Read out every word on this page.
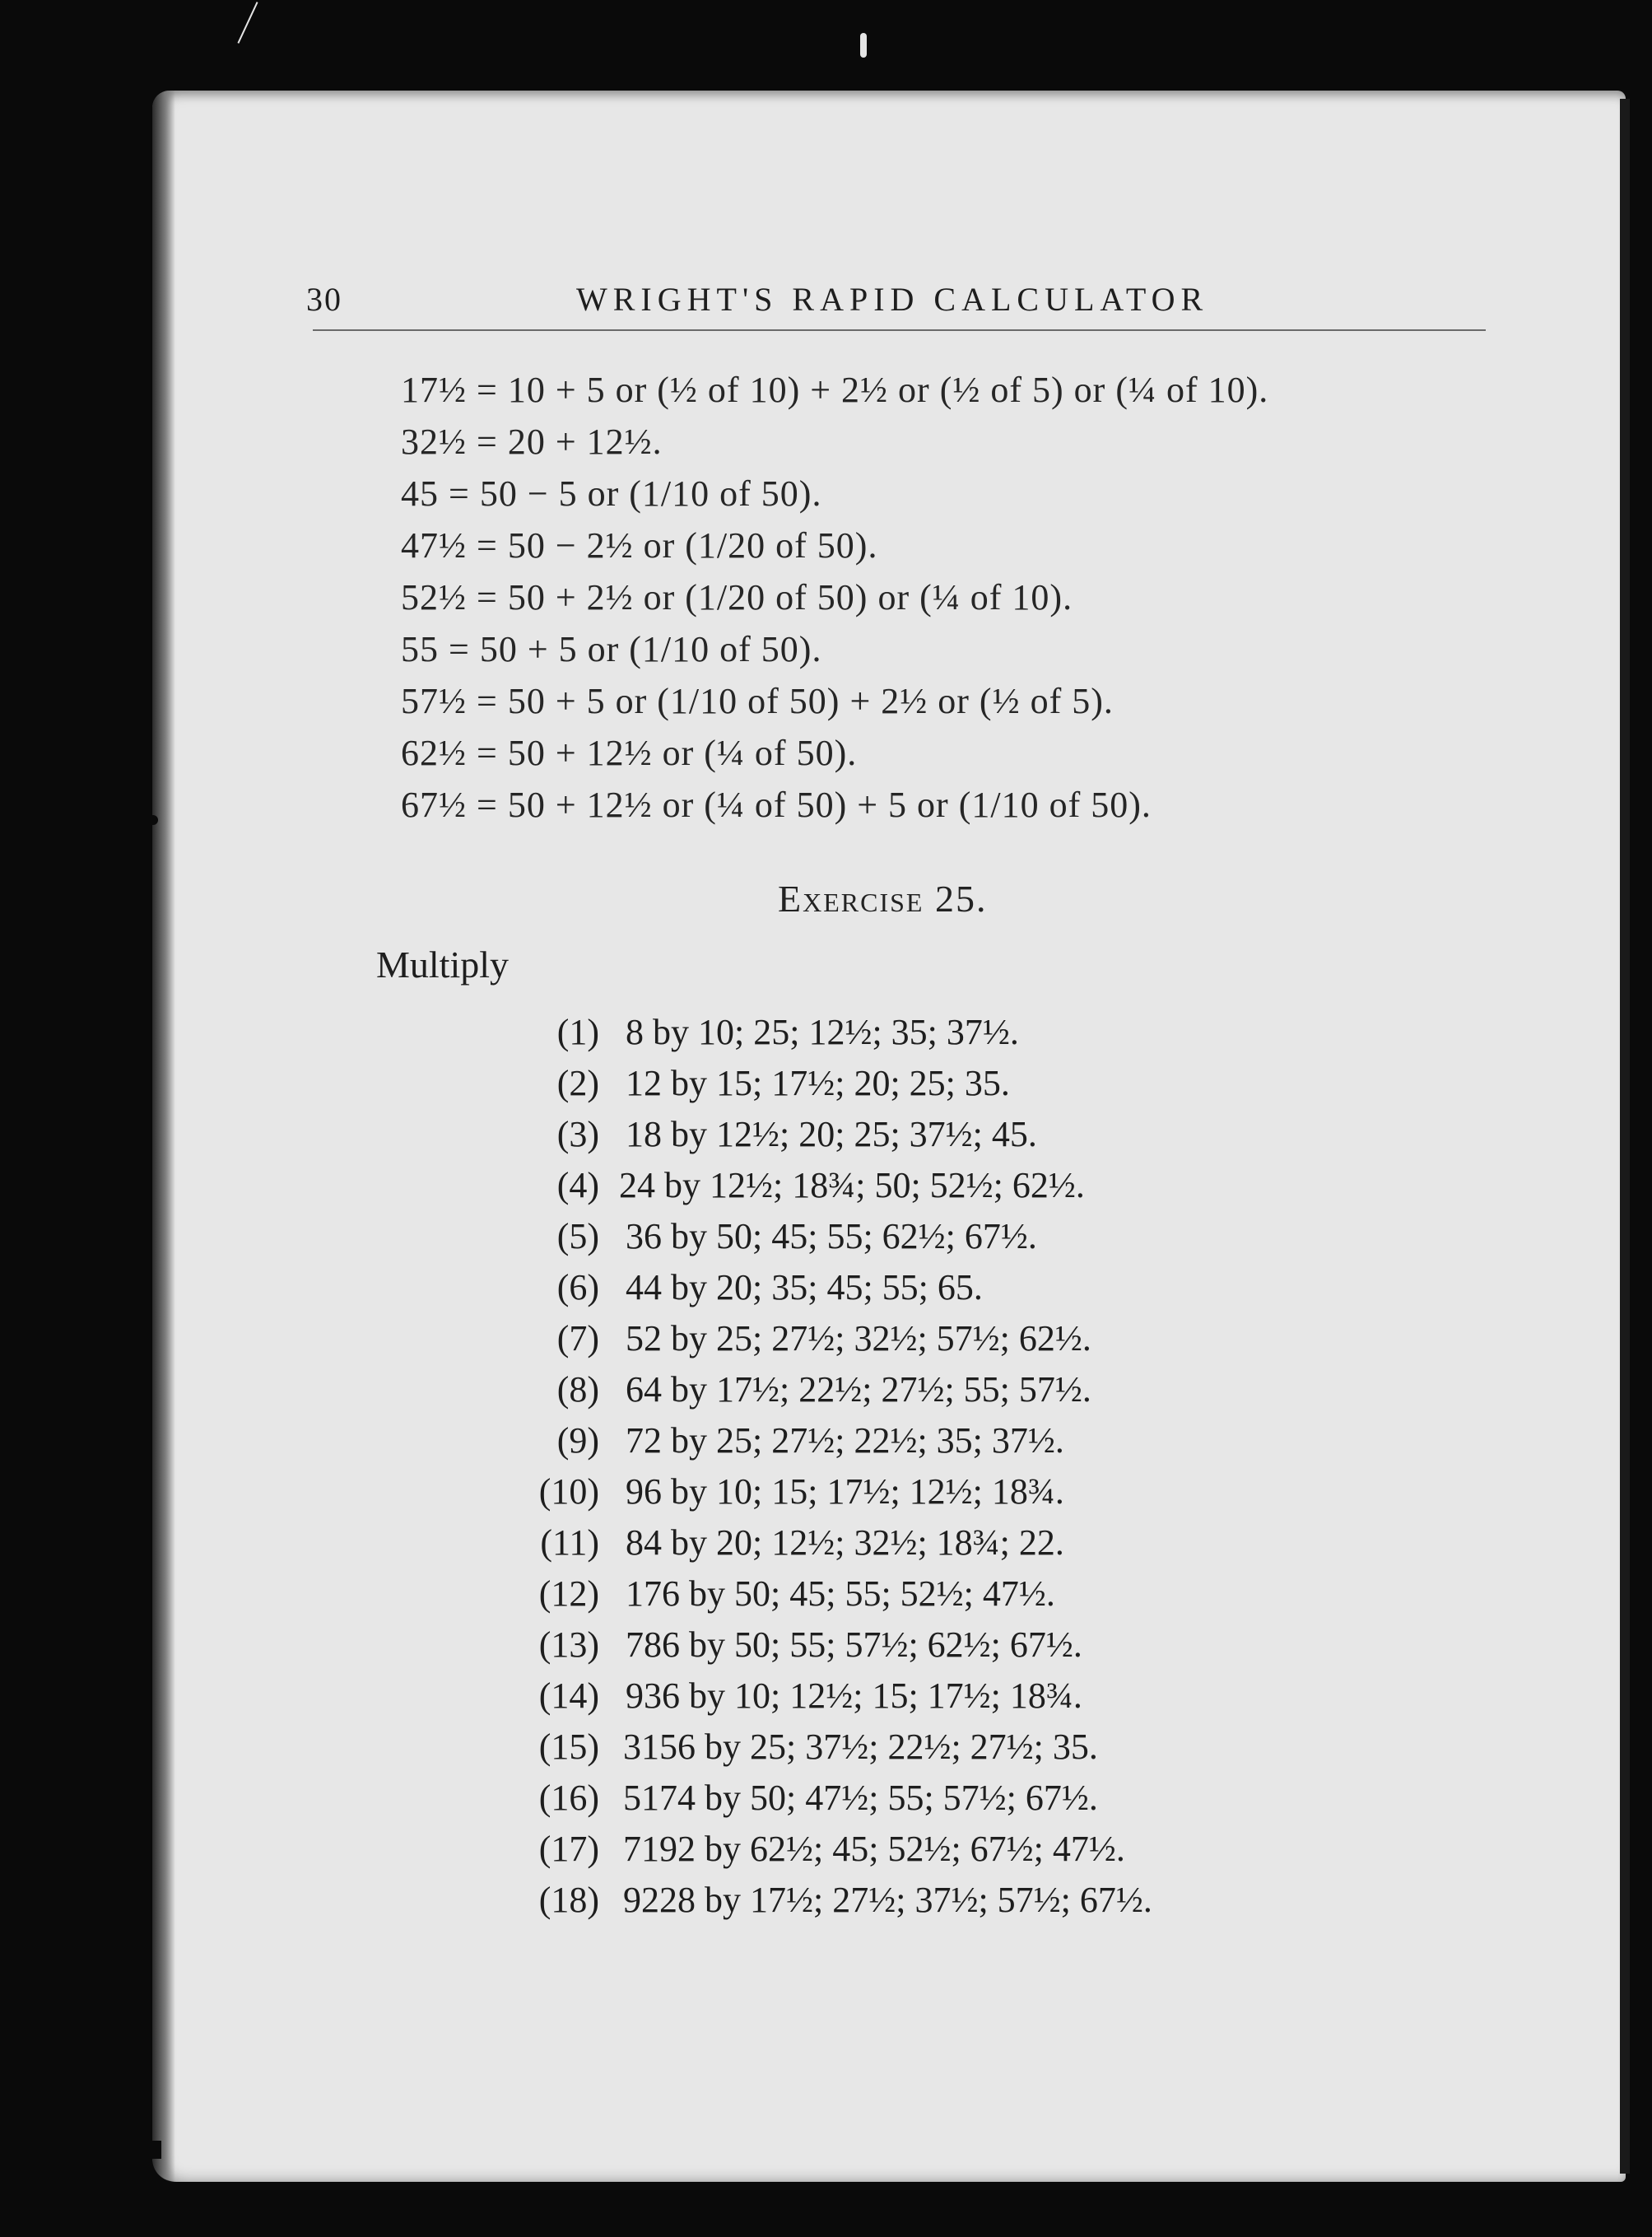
30	WRIGHT'S RAPID CALCULATOR
17½ = 10 + 5 or (½ of 10) + 2½ or (½ of 5) or (¼ of 10).
32½ = 20 + 12½.
45 = 50 − 5 or (1/10 of 50).
47½ = 50 − 2½ or (1/20 of 50).
52½ = 50 + 2½ or (1/20 of 50) or (¼ of 10).
55 = 50 + 5 or (1/10 of 50).
57½ = 50 + 5 or (1/10 of 50) + 2½ or (½ of 5).
62½ = 50 + 12½ or (¼ of 50).
67½ = 50 + 12½ or (¼ of 50) + 5 or (1/10 of 50).
Exercise 25.
Multiply
(1) 8 by 10; 25; 12½; 35; 37½.
(2) 12 by 15; 17½; 20; 25; 35.
(3) 18 by 12½; 20; 25; 37½; 45.
(4) 24 by 12½; 18¾; 50; 52½; 62½.
(5) 36 by 50; 45; 55; 62½; 67½.
(6) 44 by 20; 35; 45; 55; 65.
(7) 52 by 25; 27½; 32½; 57½; 62½.
(8) 64 by 17½; 22½; 27½; 55; 57½.
(9) 72 by 25; 27½; 22½; 35; 37½.
(10) 96 by 10; 15; 17½; 12½; 18¾.
(11) 84 by 20; 12½; 32½; 18¾; 22.
(12) 176 by 50; 45; 55; 52½; 47½.
(13) 786 by 50; 55; 57½; 62½; 67½.
(14) 936 by 10; 12½; 15; 17½; 18¾.
(15) 3156 by 25; 37½; 22½; 27½; 35.
(16) 5174 by 50; 47½; 55; 57½; 67½.
(17) 7192 by 62½; 45; 52½; 67½; 47½.
(18) 9228 by 17½; 27½; 37½; 57½; 67½.
